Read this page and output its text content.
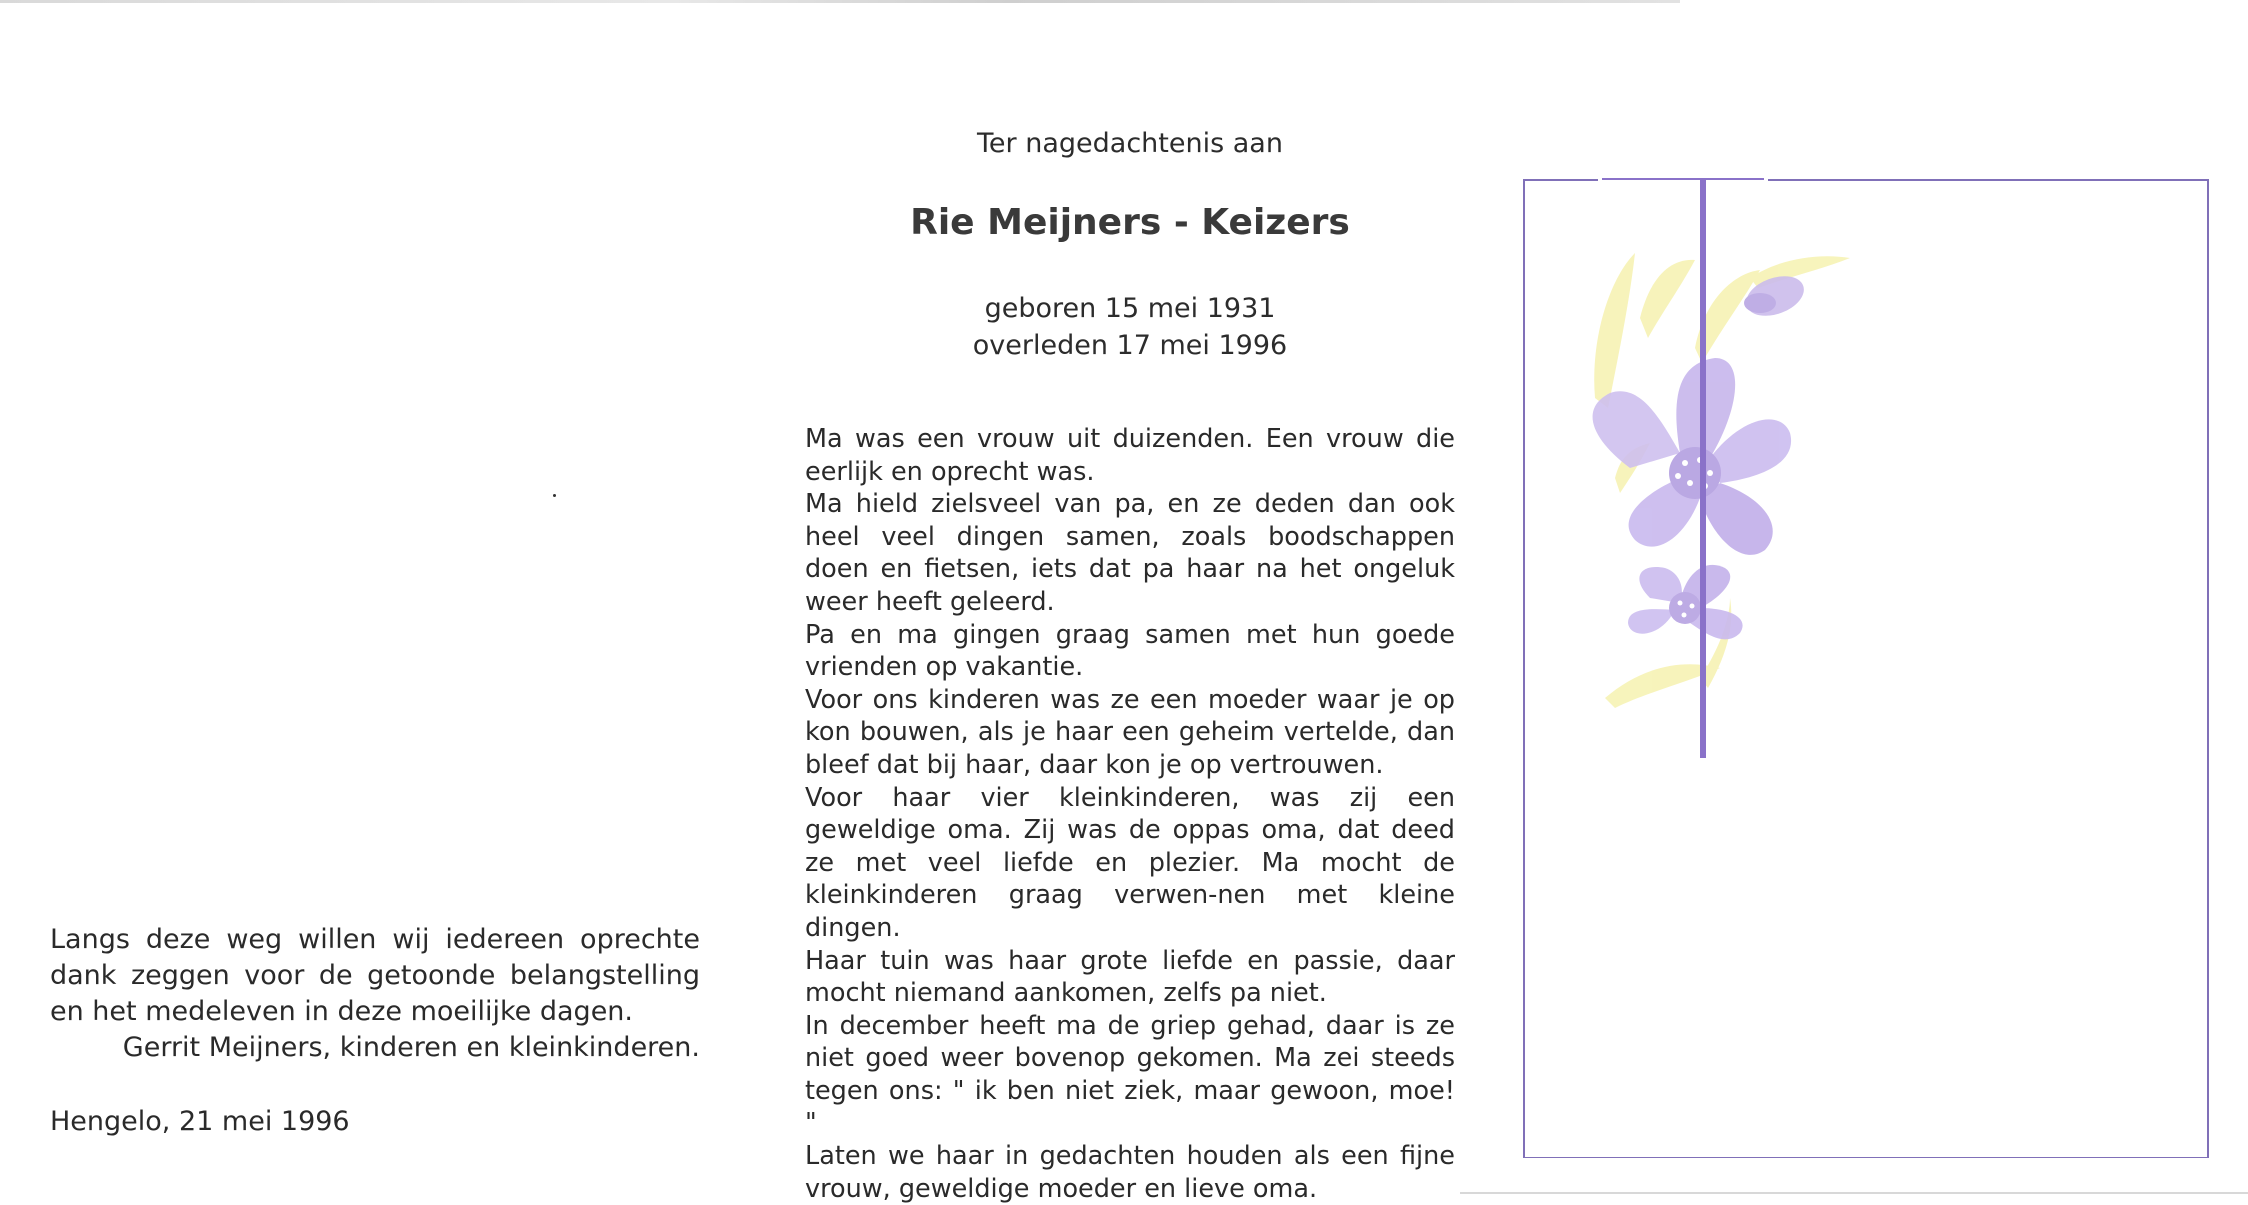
Ter nagedachtenis aan
Rie Meijners - Keizers
geboren 15 mei 1931
overleden 17 mei 1996

Ma was een vrouw uit duizenden. Een vrouw die eerlijk en oprecht was.

Ma hield zielsveel van pa, en ze deden dan ook heel veel dingen samen, zoals boodschappen doen en fietsen, iets dat pa haar na het ongeluk weer heeft geleerd.

Pa en ma gingen graag samen met hun goede vrienden op vakantie.

Voor ons kinderen was ze een moeder waar je op kon bouwen, als je haar een geheim vertelde, dan bleef dat bij haar, daar kon je op vertrouwen.

Voor haar vier kleinkinderen, was zij een geweldige oma. Zij was de oppas oma, dat deed ze met veel liefde en plezier. Ma mocht de kleinkinderen graag verwen-nen met kleine dingen.

Haar tuin was haar grote liefde en passie, daar mocht niemand aankomen, zelfs pa niet.

In december heeft ma de griep gehad, daar is ze niet goed weer bovenop gekomen. Ma zei steeds tegen ons: " ik ben niet ziek, maar gewoon, moe! "

Laten we haar in gedachten houden als een fijne vrouw, geweldige moeder en lieve oma.

Langs deze weg willen wij iedereen oprechte dank zeggen voor de getoonde belangstelling en het medeleven in deze moeilijke dagen.

Gerrit Meijners, kinderen en kleinkinderen.

Hengelo, 21 mei 1996
